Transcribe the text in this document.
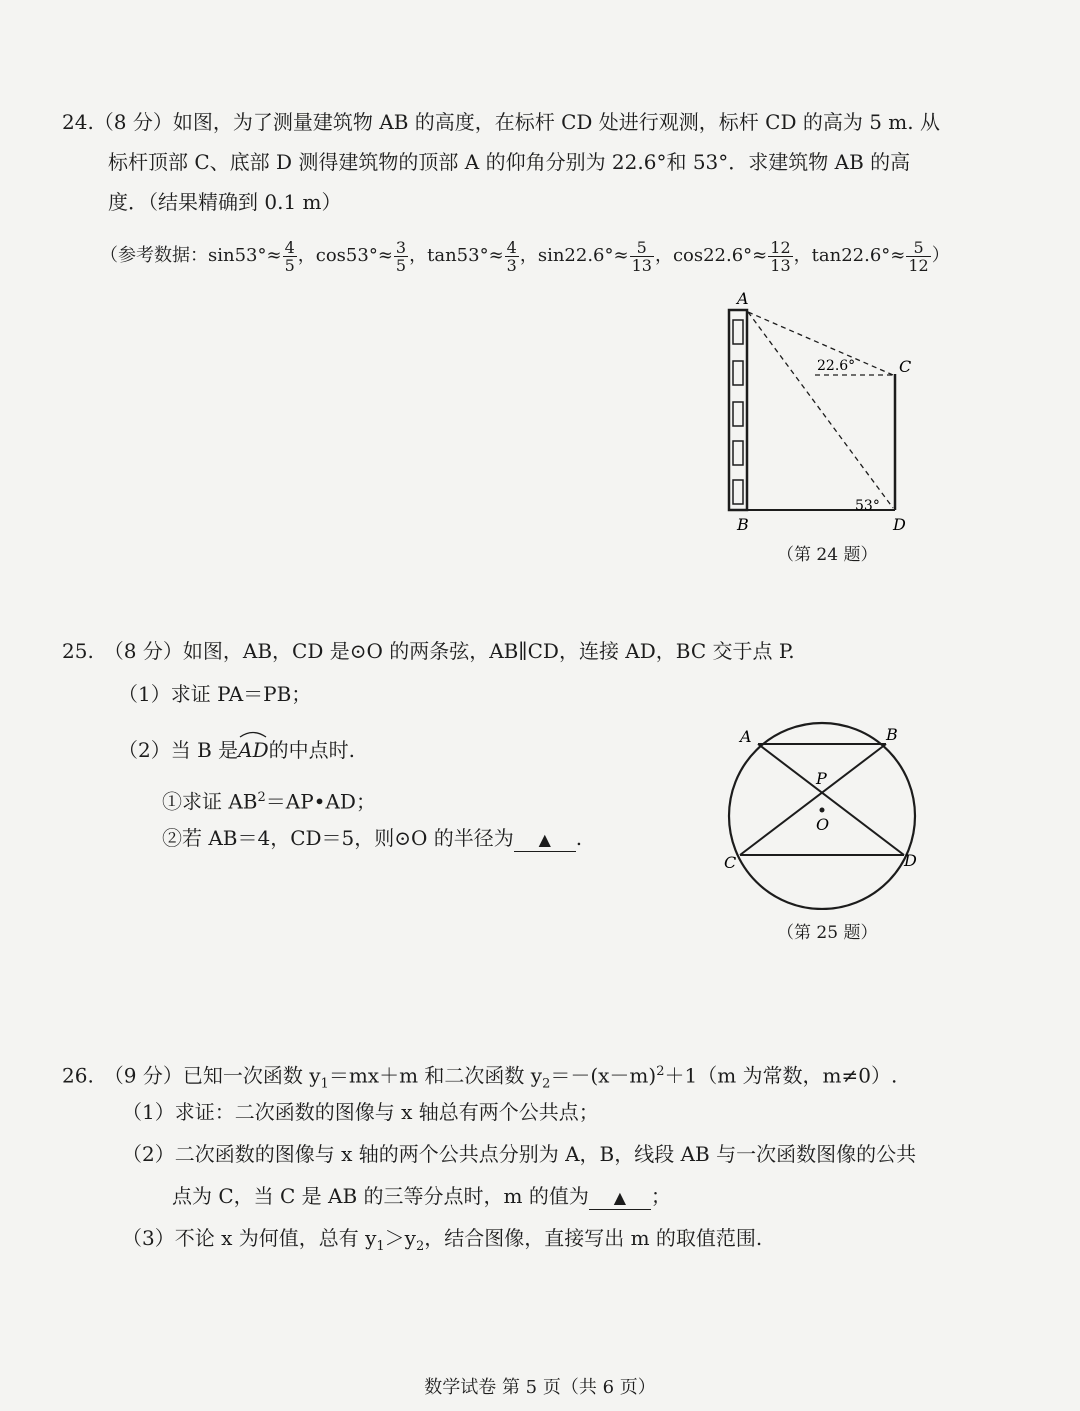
24.（8 分）如图，为了测量建筑物 AB 的高度，在标杆 CD 处进行观测，标杆 CD 的高为 5 m. 从
标杆顶部 C、底部 D 测得建筑物的顶部 A 的仰角分别为 22.6°和 53°．求建筑物 AB 的高
度．（结果精确到 0.1 m）
（参考数据：$\sin 53^\circ\approx \frac{4}{5}$ ，$\cos 53^\circ\approx \frac{3}{5}$ ，$\tan 53^\circ\approx \frac{4}{3}$ ，$\sin 22.6^\circ\approx \frac{5}{13}$ ，$\cos 22.6^\circ\approx \frac{12}{13}$ ，$\tan 22.6^\circ\approx \frac{5}{12}$ ）
A
B
C
D
22.6°
53°
（第 24 题）
25.　（8 分）如图，AB，CD 是⊙O 的两条弦，AB∥CD，连接 AD，BC 交于点 P.
（1）求证 PA＝PB；
（2）当 B 是
AD的中点时.
①求证 $AB^2=AP•AD$；
②若 AB＝4，CD＝5，则⊙O 的半径为 ▲ .
A	B
C	D
P
O
（第 25 题）
26.　（9 分）已知一次函数 $y_1=mx+m$ 和二次函数 $y_2=-(x-m)^2+1(m$ 为常数，m≠0）.
（1）求证：二次函数的图像与 x 轴总有两个公共点；
（2）二次函数的图像与 x 轴的两个公共点分别为 A，B，线段 AB 与一次函数图像的公共
点为 C，当 C 是 AB 的三等分点时，m 的值为 ▲ ；
（3）不论 x 为何值，总有 $y_1>y_2$，结合图像，直接写出 m 的取值范围.
数学试卷 第 5 页（共 6 页）
